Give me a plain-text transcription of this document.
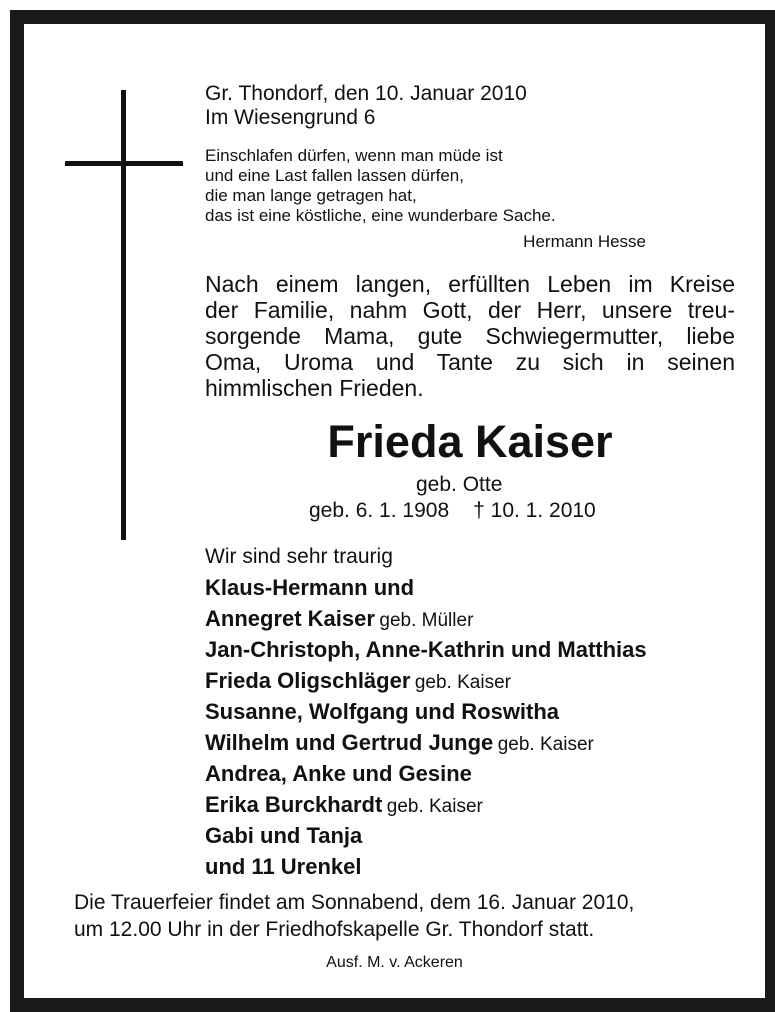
Gr. Thondorf, den 10. Januar 2010
Im Wiesengrund 6
Einschlafen dürfen, wenn man müde ist
und eine Last fallen lassen dürfen,
die man lange getragen hat,
das ist eine köstliche, eine wunderbare Sache.
Hermann Hesse
Nach einem langen, erfüllten Leben im Kreise
der Familie, nahm Gott, der Herr, unsere treu-
sorgende Mama, gute Schwiegermutter, liebe
Oma, Uroma und Tante zu sich in seinen
himmlischen Frieden.
Frieda Kaiser
geb. Otte
geb. 6. 1. 1908 † 10. 1. 2010
Wir sind sehr traurig
Klaus-Hermann und
Annegret Kaiser geb. Müller
Jan-Christoph, Anne-Kathrin und Matthias
Frieda Oligschläger geb. Kaiser
Susanne, Wolfgang und Roswitha
Wilhelm und Gertrud Junge geb. Kaiser
Andrea, Anke und Gesine
Erika Burckhardt geb. Kaiser
Gabi und Tanja
und 11 Urenkel
Die Trauerfeier findet am Sonnabend, dem 16. Januar 2010,
um 12.00 Uhr in der Friedhofskapelle Gr. Thondorf statt.
Ausf. M. v. Ackeren
